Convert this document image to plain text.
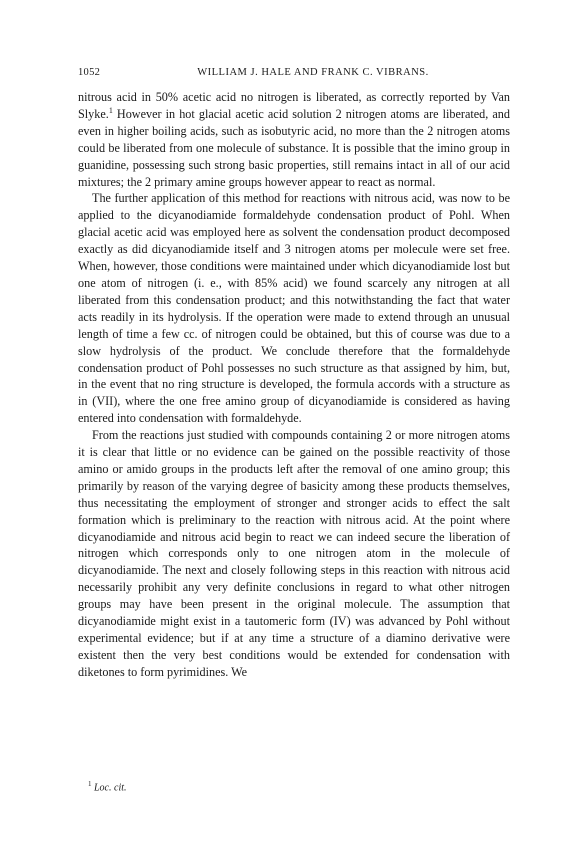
1052	WILLIAM J. HALE AND FRANK C. VIBRANS.

nitrous acid in 50% acetic acid no nitrogen is liberated, as correctly reported by Van Slyke.$^1$ However in hot glacial acetic acid solution 2 nitrogen atoms are liberated, and even in higher boiling acids, such as isobutyric acid, no more than the 2 nitrogen atoms could be liberated from one molecule of substance. It is possible that the imino group in guanidine, possessing such strong basic properties, still remains intact in all of our acid mixtures; the 2 primary amine groups however appear to react as normal.

The further application of this method for reactions with nitrous acid, was now to be applied to the dicyanodiamide formaldehyde condensation product of Pohl. When glacial acetic acid was employed here as solvent the condensation product decomposed exactly as did dicyanodiamide itself and 3 nitrogen atoms per molecule were set free. When, however, those conditions were maintained under which dicyanodiamide lost but one atom of nitrogen (i. e., with 85% acid) we found scarcely any nitrogen at all liberated from this condensation product; and this notwithstanding the fact that water acts readily in its hydrolysis. If the operation were made to extend through an unusual length of time a few cc. of nitrogen could be obtained, but this of course was due to a slow hydrolysis of the product. We conclude therefore that the formaldehyde condensation product of Pohl possesses no such structure as that assigned by him, but, in the event that no ring structure is developed, the formula accords with a structure as in (VII), where the one free amino group of dicyanodiamide is considered as having entered into condensation with formaldehyde.

From the reactions just studied with compounds containing 2 or more nitrogen atoms it is clear that little or no evidence can be gained on the possible reactivity of those amino or amido groups in the products left after the removal of one amino group; this primarily by reason of the varying degree of basicity among these products themselves, thus necessitating the employment of stronger and stronger acids to effect the salt formation which is preliminary to the reaction with nitrous acid. At the point where dicyanodiamide and nitrous acid begin to react we can indeed secure the liberation of nitrogen which corresponds only to one nitrogen atom in the molecule of dicyanodiamide. The next and closely following steps in this reaction with nitrous acid necessarily prohibit any very definite conclusions in regard to what other nitrogen groups may have been present in the original molecule. The assumption that dicyanodiamide might exist in a tautomeric form (IV) was advanced by Pohl without experimental evidence; but if at any time a structure of a diamino derivative were existent then the very best conditions would be extended for condensation with diketones to form pyrimidines. We

$^1$ Loc. cit.
